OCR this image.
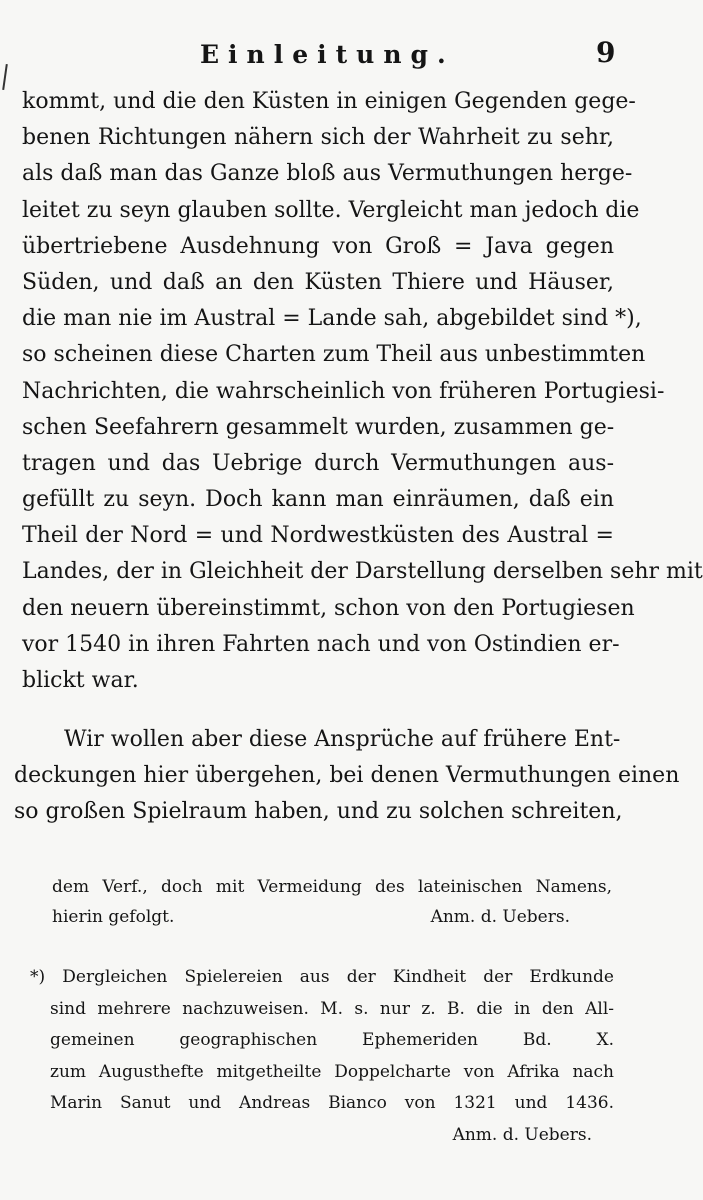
Einleitung.	9
kommt, und die den Küsten in einigen Gegenden gege-
benen Richtungen nähern sich der Wahrheit zu sehr,
als daß man das Ganze bloß aus Vermuthungen herge-
leitet zu seyn glauben sollte. Vergleicht man jedoch die
übertriebene Ausdehnung von Groß = Java gegen
Süden, und daß an den Küsten Thiere und Häuser,
die man nie im Austral = Lande sah, abgebildet sind *),
so scheinen diese Charten zum Theil aus unbestimmten
Nachrichten, die wahrscheinlich von früheren Portugiesi-
schen Seefahrern gesammelt wurden, zusammen ge-
tragen und das Uebrige durch Vermuthungen aus-
gefüllt zu seyn. Doch kann man einräumen, daß ein
Theil der Nord = und Nordwestküsten des Austral =
Landes, der in Gleichheit der Darstellung derselben sehr mit
den neuern übereinstimmt, schon von den Portugiesen
vor 1540 in ihren Fahrten nach und von Ostindien er-
blickt war.
Wir wollen aber diese Ansprüche auf frühere Ent-
deckungen hier übergehen, bei denen Vermuthungen einen
so großen Spielraum haben, und zu solchen schreiten,
dem Verf., doch mit Vermeidung des lateinischen Namens,
hierin gefolgt.	Anm. d. Uebers.
*) Dergleichen Spielereien aus der Kindheit der Erdkunde
sind mehrere nachzuweisen. M. s. nur z. B. die in den All-
gemeinen geographischen Ephemeriden Bd. X.
zum Augusthefte mitgetheilte Doppelcharte von Afrika nach
Marin Sanut und Andreas Bianco von 1321 und 1436.
Anm. d. Uebers.
